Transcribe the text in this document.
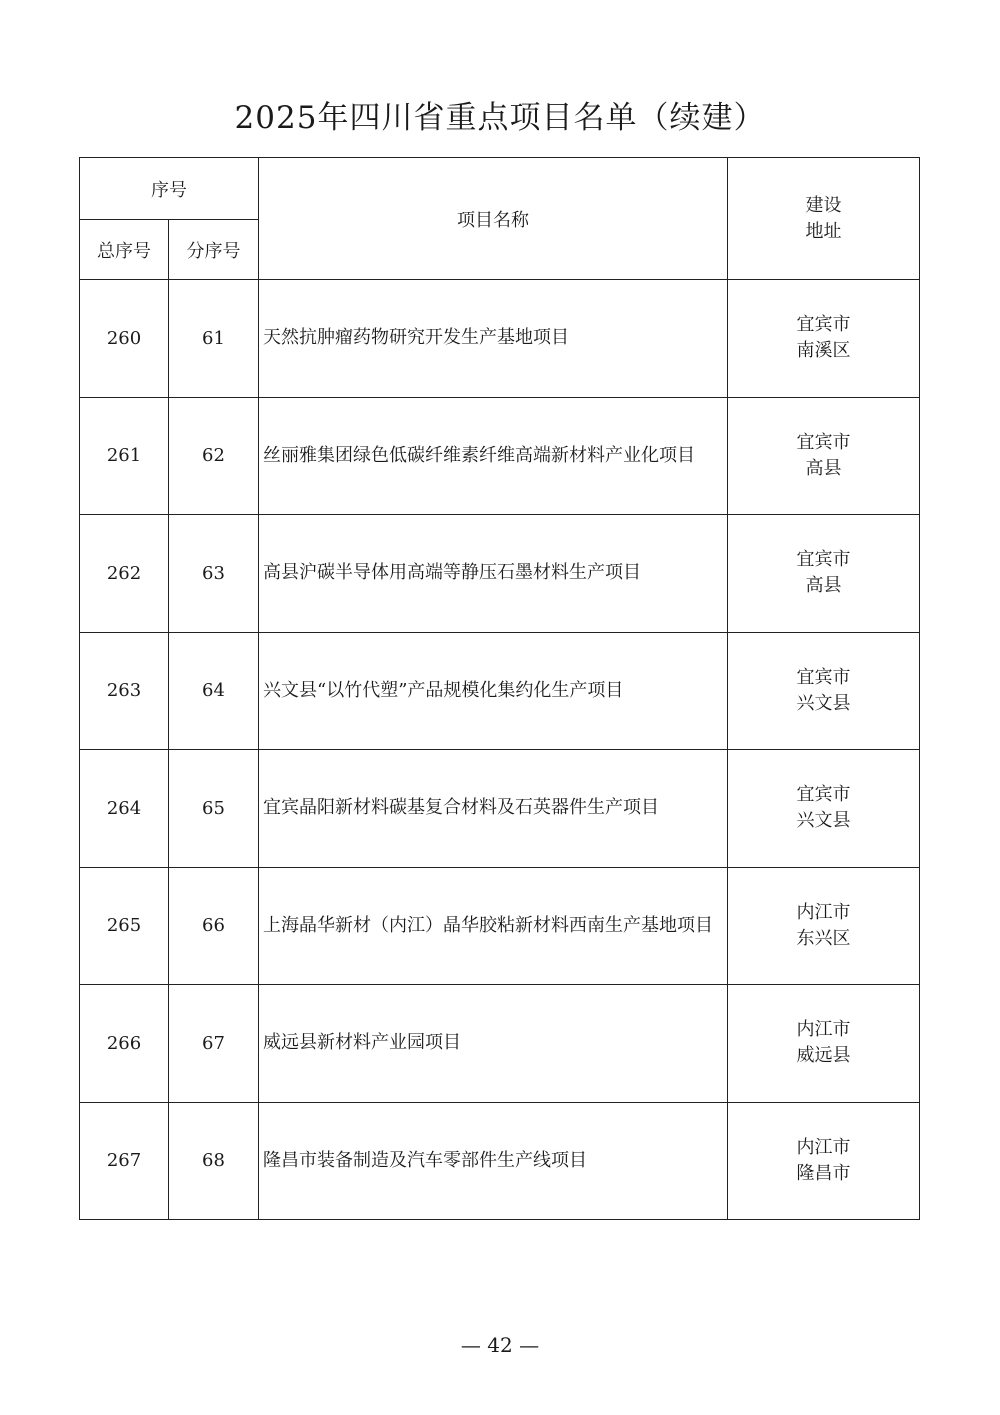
2025年四川省重点项目名单（续建）
序号		项目名称	建设
地址

总序号	分序号		
260	61	天然抗肿瘤药物研究开发生产基地项目	宜宾市
南溪区

261	62	丝丽雅集团绿色低碳纤维素纤维高端新材料产业化项目	宜宾市
高县

262	63	高县沪碳半导体用高端等静压石墨材料生产项目	宜宾市
高县

263	64	兴文县“以竹代塑”产品规模化集约化生产项目	宜宾市
兴文县

264	65	宜宾晶阳新材料碳基复合材料及石英器件生产项目	宜宾市
兴文县

265	66	上海晶华新材（内江）晶华胶粘新材料西南生产基地项目	内江市
东兴区

266	67	威远县新材料产业园项目	内江市
威远县

267	68	隆昌市装备制造及汽车零部件生产线项目	内江市
隆昌市
— 42 —
